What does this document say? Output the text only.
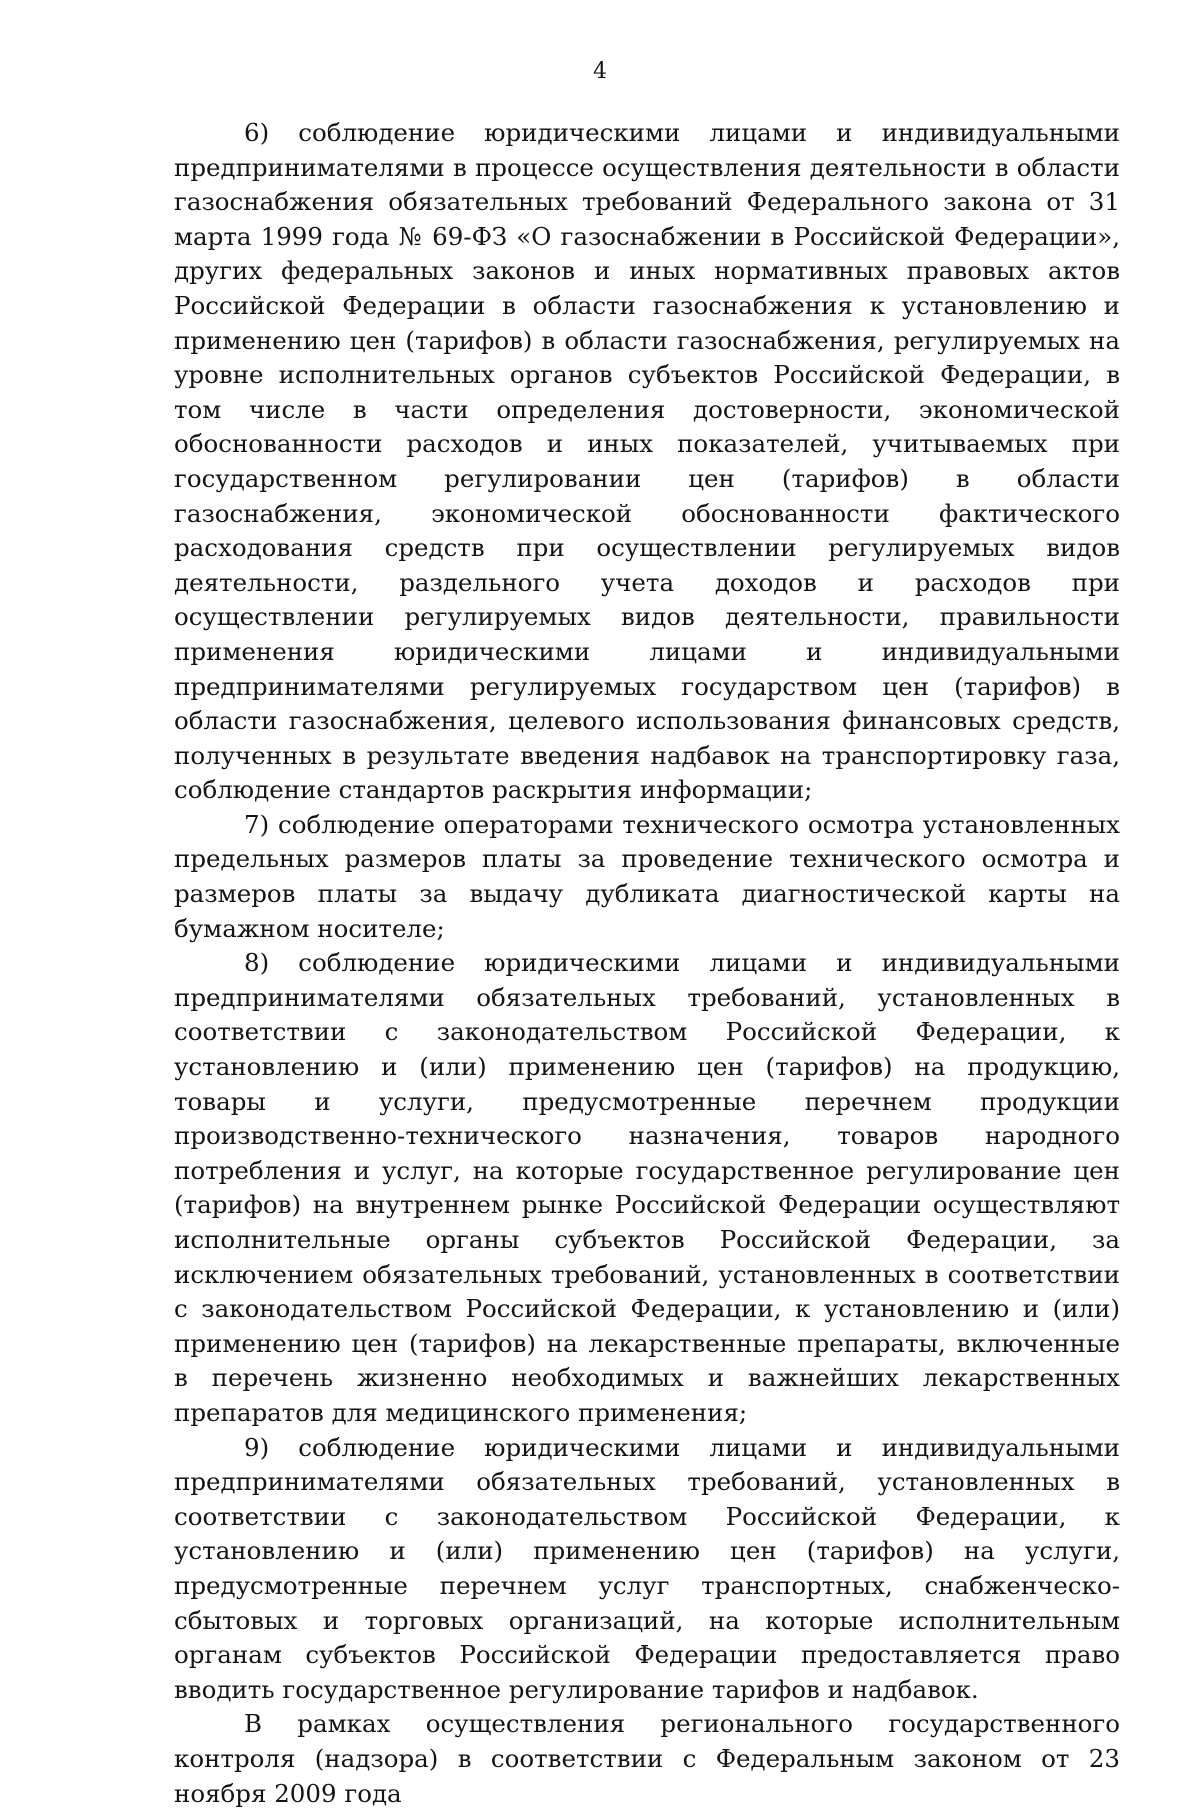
4

6) соблюдение юридическими лицами и индивидуальными предпринимателями в процессе осуществления деятельности в области газоснабжения обязательных требований Федерального закона от 31 марта 1999 года № 69-ФЗ «О газоснабжении в Российской Федерации», других федеральных законов и иных нормативных правовых актов Российской Федерации в области газоснабжения к установлению и применению цен (тарифов) в области газоснабжения, регулируемых на уровне исполнительных органов субъектов Российской Федерации, в том числе в части определения достоверности, экономической обоснованности расходов и иных показателей, учитываемых при государственном регулировании цен (тарифов) в области газоснабжения, экономической обоснованности фактического расходования средств при осуществлении регулируемых видов деятельности, раздельного учета доходов и расходов при осуществлении регулируемых видов деятельности, правильности применения юридическими лицами и индивидуальными предпринимателями регулируемых государством цен (тарифов) в области газоснабжения, целевого использования финансовых средств, полученных в результате введения надбавок на транспортировку газа, соблюдение стандартов раскрытия информации;

7) соблюдение операторами технического осмотра установленных предельных размеров платы за проведение технического осмотра и размеров платы за выдачу дубликата диагностической карты на бумажном носителе;

8) соблюдение юридическими лицами и индивидуальными предпринимателями обязательных требований, установленных в соответствии с законодательством Российской Федерации, к установлению и (или) применению цен (тарифов) на продукцию, товары и услуги, предусмотренные перечнем продукции производственно-технического назначения, товаров народного потребления и услуг, на которые государственное регулирование цен (тарифов) на внутреннем рынке Российской Федерации осуществляют исполнительные органы субъектов Российской Федерации, за исключением обязательных требований, установленных в соответствии с законодательством Российской Федерации, к установлению и (или) применению цен (тарифов) на лекарственные препараты, включенные в перечень жизненно необходимых и важнейших лекарственных препаратов для медицинского применения;

9) соблюдение юридическими лицами и индивидуальными предпринимателями обязательных требований, установленных в соответствии с законодательством Российской Федерации, к установлению и (или) применению цен (тарифов) на услуги, предусмотренные перечнем услуг транспортных, снабженческо-сбытовых и торговых организаций, на которые исполнительным органам субъектов Российской Федерации предоставляется право вводить государственное регулирование тарифов и надбавок.

В рамках осуществления регионального государственного контроля (надзора) в соответствии с Федеральным законом от 23 ноября 2009 года
